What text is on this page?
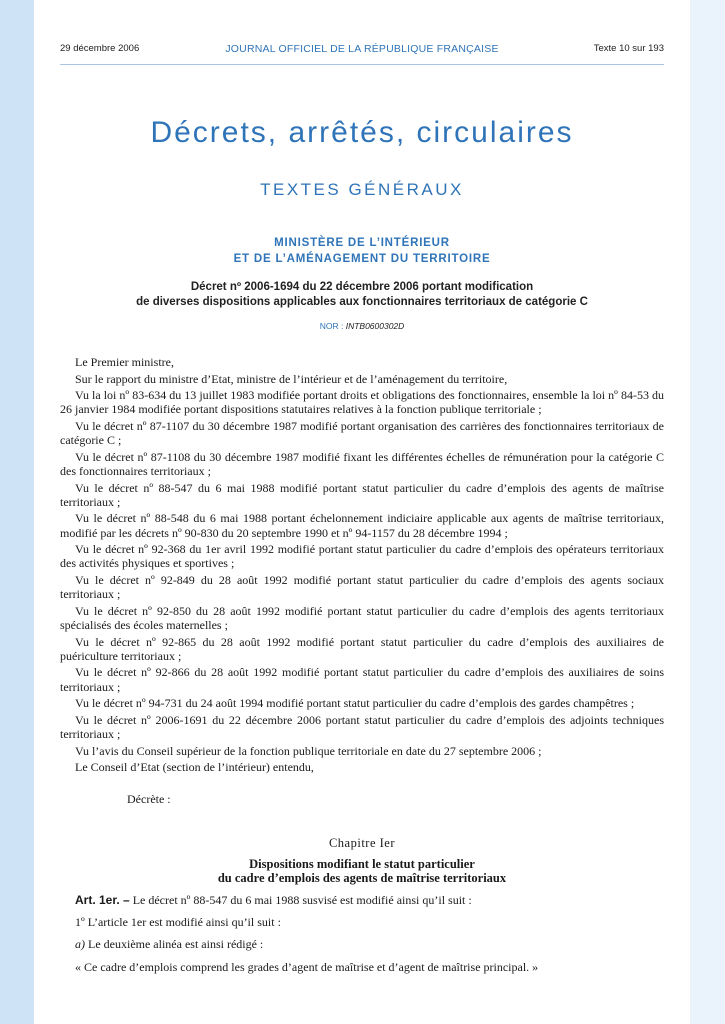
29 décembre 2006	JOURNAL OFFICIEL DE LA RÉPUBLIQUE FRANÇAISE	Texte 10 sur 193
Décrets, arrêtés, circulaires
TEXTES GÉNÉRAUX
MINISTÈRE DE L’INTÉRIEUR
ET DE L’AMÉNAGEMENT DU TERRITOIRE
Décret nº 2006-1694 du 22 décembre 2006 portant modification
de diverses dispositions applicables aux fonctionnaires territoriaux de catégorie C
NOR : INTB0600302D

Le Premier ministre,

Sur le rapport du ministre d’Etat, ministre de l’intérieur et de l’aménagement du territoire,

Vu la loi nº 83-634 du 13 juillet 1983 modifiée portant droits et obligations des fonctionnaires, ensemble la loi nº 84-53 du 26 janvier 1984 modifiée portant dispositions statutaires relatives à la fonction publique territoriale ;

Vu le décret nº 87-1107 du 30 décembre 1987 modifié portant organisation des carrières des fonctionnaires territoriaux de catégorie C ;

Vu le décret nº 87-1108 du 30 décembre 1987 modifié fixant les différentes échelles de rémunération pour la catégorie C des fonctionnaires territoriaux ;

Vu le décret nº 88-547 du 6 mai 1988 modifié portant statut particulier du cadre d’emplois des agents de maîtrise territoriaux ;

Vu le décret nº 88-548 du 6 mai 1988 portant échelonnement indiciaire applicable aux agents de maîtrise territoriaux, modifié par les décrets nº 90-830 du 20 septembre 1990 et nº 94-1157 du 28 décembre 1994 ;

Vu le décret nº 92-368 du 1er avril 1992 modifié portant statut particulier du cadre d’emplois des opérateurs territoriaux des activités physiques et sportives ;

Vu le décret nº 92-849 du 28 août 1992 modifié portant statut particulier du cadre d’emplois des agents sociaux territoriaux ;

Vu le décret nº 92-850 du 28 août 1992 modifié portant statut particulier du cadre d’emplois des agents territoriaux spécialisés des écoles maternelles ;

Vu le décret nº 92-865 du 28 août 1992 modifié portant statut particulier du cadre d’emplois des auxiliaires de puériculture territoriaux ;

Vu le décret nº 92-866 du 28 août 1992 modifié portant statut particulier du cadre d’emplois des auxiliaires de soins territoriaux ;

Vu le décret nº 94-731 du 24 août 1994 modifié portant statut particulier du cadre d’emplois des gardes champêtres ;

Vu le décret nº 2006-1691 du 22 décembre 2006 portant statut particulier du cadre d’emplois des adjoints techniques territoriaux ;

Vu l’avis du Conseil supérieur de la fonction publique territoriale en date du 27 septembre 2006 ;

Le Conseil d’Etat (section de l’intérieur) entendu,

Décrète :

Chapitre Ier
Dispositions modifiant le statut particulier
du cadre d’emplois des agents de maîtrise territoriaux

Art. 1er. – Le décret nº 88-547 du 6 mai 1988 susvisé est modifié ainsi qu’il suit :

1º L’article 1er est modifié ainsi qu’il suit :

a) Le deuxième alinéa est ainsi rédigé :

« Ce cadre d’emplois comprend les grades d’agent de maîtrise et d’agent de maîtrise principal. »
